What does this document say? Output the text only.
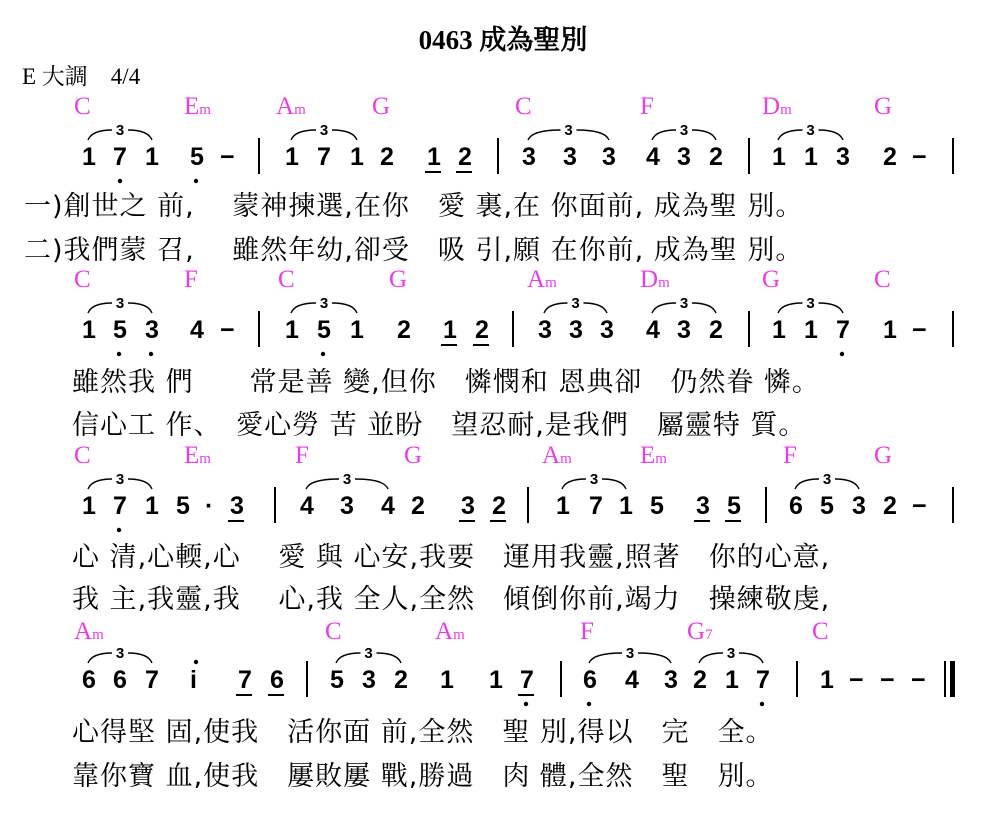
0463 成為聖別
E 大調　4/4
3	3	3	3	3
3	3	3	3	3
3	3	3	3
3	3	3	3
C	Em	Am	G	C	F	Dm	G
1 7 1 5 − 1 7 1 2 1 2 3 3 3 4 3 2 1 1 3 2 −
一)創世之 前,　 蒙神揀選,在你　愛 裏,在 你面前, 成為聖 別。
二)我們蒙 召,　 雖然年幼,卻受　吸 引,願 在你前, 成為聖 別。
C	F	C	G	Am	Dm	G	C
1 5 3 4 − 1 5 1 2 1 2 3 3 3 4 3 2 1 1 7 1 −
雖然我 們　　常是善 變,但你　憐憫和 恩典卻　仍然眷 憐。
信心工 作、　愛心勞 苦 並盼　望忍耐,是我們　屬靈特 質。
C	Em	F	G	Am	Em	F	G
1 7 1 5 · 3 4 3 4 2 3 2 1 7 1 5 3 5 6 5 3 2 −
心 清,心輭,心　 愛 與 心安,我要　運用我靈,照著　你的心意,
我 主,我靈,我　 心,我 全人,全然　傾倒你前,竭力　操練敬虔,
Am	C	Am	F	G7	C
6 6 7 i 7 6 5 3 2 1 1 7 6 4 3 2 1 7 1 − − −
心得堅 固,使我　活你面 前,全然　聖 別,得以　完　全。
靠你寶 血,使我　屢敗屢 戰,勝過　肉 體,全然　聖　別。
